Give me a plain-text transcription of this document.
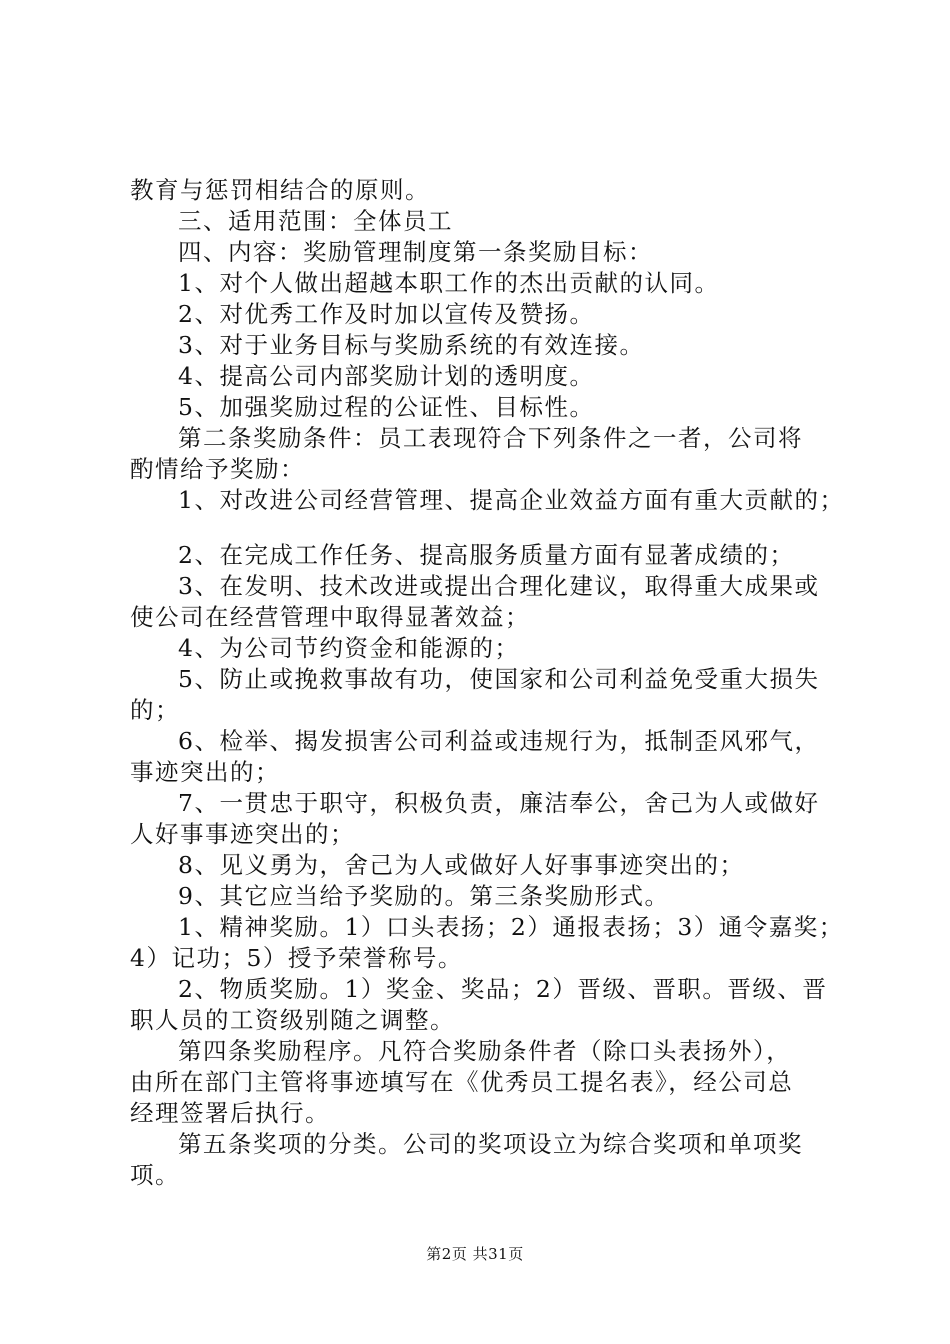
教育与惩罚相结合的原则。
三、适用范围：全体员工
四、内容：奖励管理制度第一条奖励目标：
1、对个人做出超越本职工作的杰出贡献的认同。
2、对优秀工作及时加以宣传及赞扬。
3、对于业务目标与奖励系统的有效连接。
4、提高公司内部奖励计划的透明度。
5、加强奖励过程的公证性、目标性。
第二条奖励条件：员工表现符合下列条件之一者，公司将
酌情给予奖励：
1、对改进公司经营管理、提高企业效益方面有重大贡献的；
2、在完成工作任务、提高服务质量方面有显著成绩的；
3、在发明、技术改进或提出合理化建议，取得重大成果或
使公司在经营管理中取得显著效益；
4、为公司节约资金和能源的；
5、防止或挽救事故有功，使国家和公司利益免受重大损失
的；
6、检举、揭发损害公司利益或违规行为，抵制歪风邪气，
事迹突出的；
7、一贯忠于职守，积极负责，廉洁奉公，舍己为人或做好
人好事事迹突出的；
8、见义勇为，舍己为人或做好人好事事迹突出的；
9、其它应当给予奖励的。第三条奖励形式。
1、精神奖励。1）口头表扬；2）通报表扬；3）通令嘉奖；
4）记功；5）授予荣誉称号。
2、物质奖励。1）奖金、奖品；2）晋级、晋职。晋级、晋
职人员的工资级别随之调整。
第四条奖励程序。凡符合奖励条件者（除口头表扬外），
由所在部门主管将事迹填写在《优秀员工提名表》，经公司总
经理签署后执行。
第五条奖项的分类。公司的奖项设立为综合奖项和单项奖
项。
第2页 共31页
